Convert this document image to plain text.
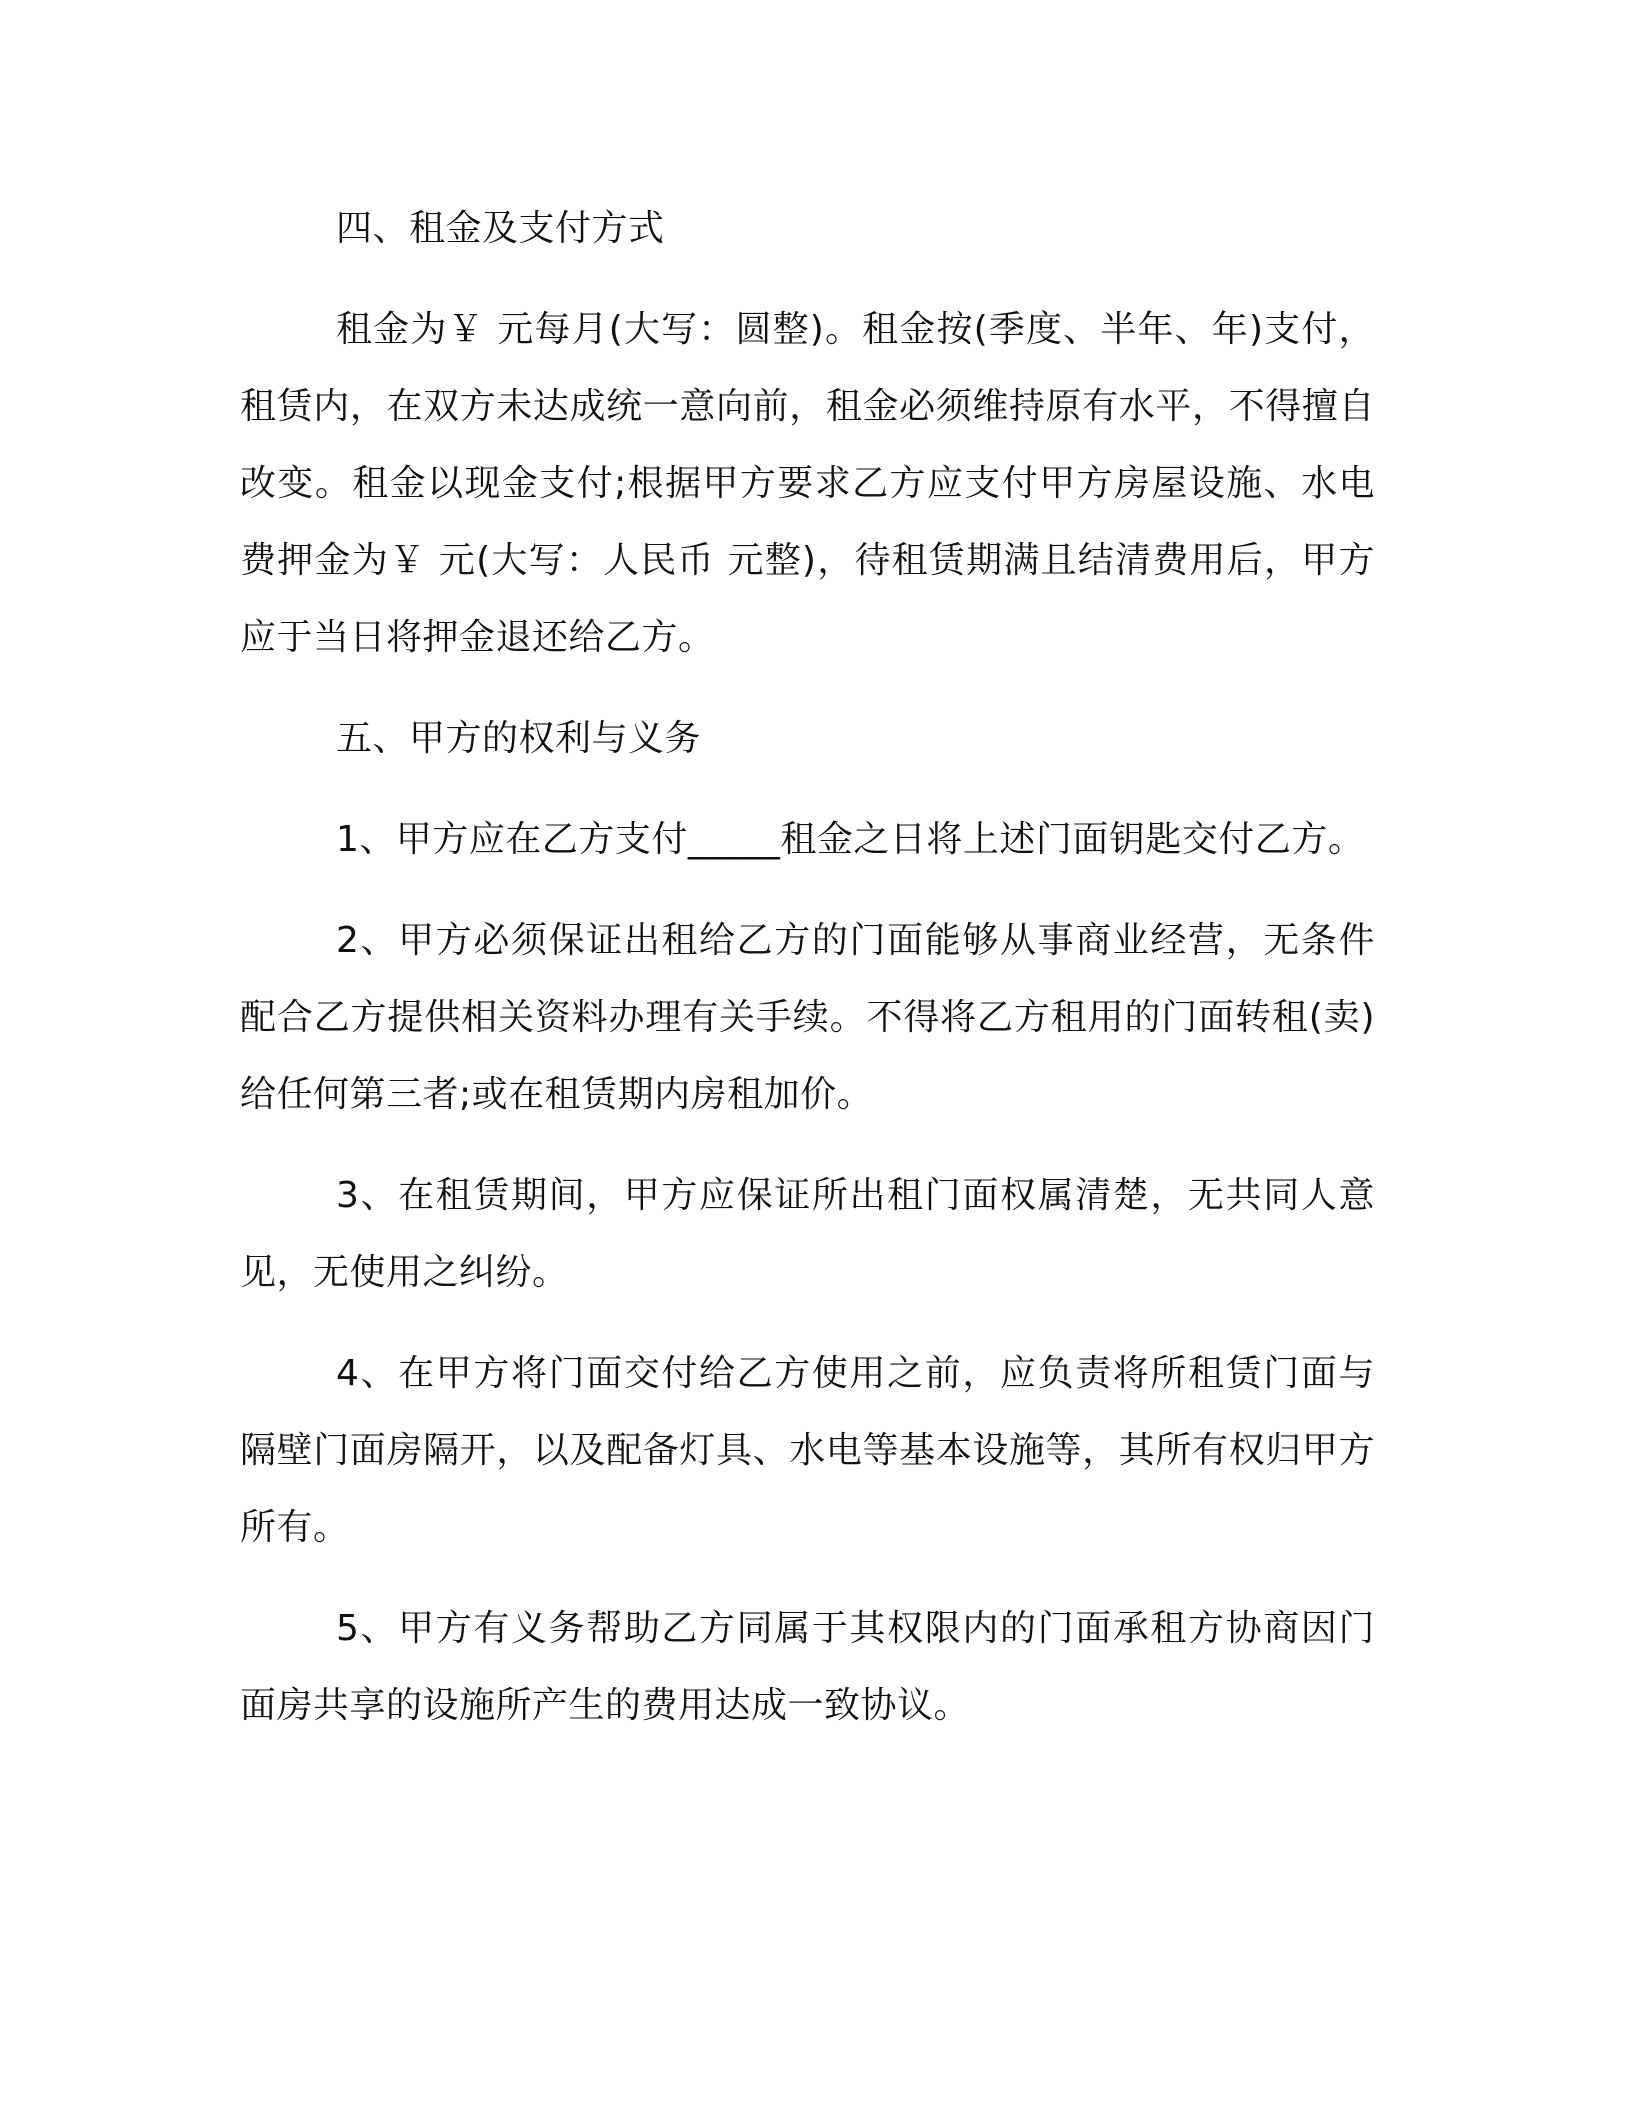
四、租金及支付方式

租金为￥ 元每月(大写：圆整)。租金按(季度、半年、年)支付，租赁内，在双方未达成统一意向前，租金必须维持原有水平，不得擅自改变。租金以现金支付;根据甲方要求乙方应支付甲方房屋设施、水电费押金为￥ 元(大写：人民币 元整)，待租赁期满且结清费用后，甲方应于当日将押金退还给乙方。

五、甲方的权利与义务

1、甲方应在乙方支付_____租金之日将上述门面钥匙交付乙方。

2、甲方必须保证出租给乙方的门面能够从事商业经营，无条件配合乙方提供相关资料办理有关手续。不得将乙方租用的门面转租(卖)给任何第三者;或在租赁期内房租加价。

3、在租赁期间，甲方应保证所出租门面权属清楚，无共同人意见，无使用之纠纷。

4、在甲方将门面交付给乙方使用之前，应负责将所租赁门面与隔壁门面房隔开，以及配备灯具、水电等基本设施等，其所有权归甲方所有。

5、甲方有义务帮助乙方同属于其权限内的门面承租方协商因门面房共享的设施所产生的费用达成一致协议。
